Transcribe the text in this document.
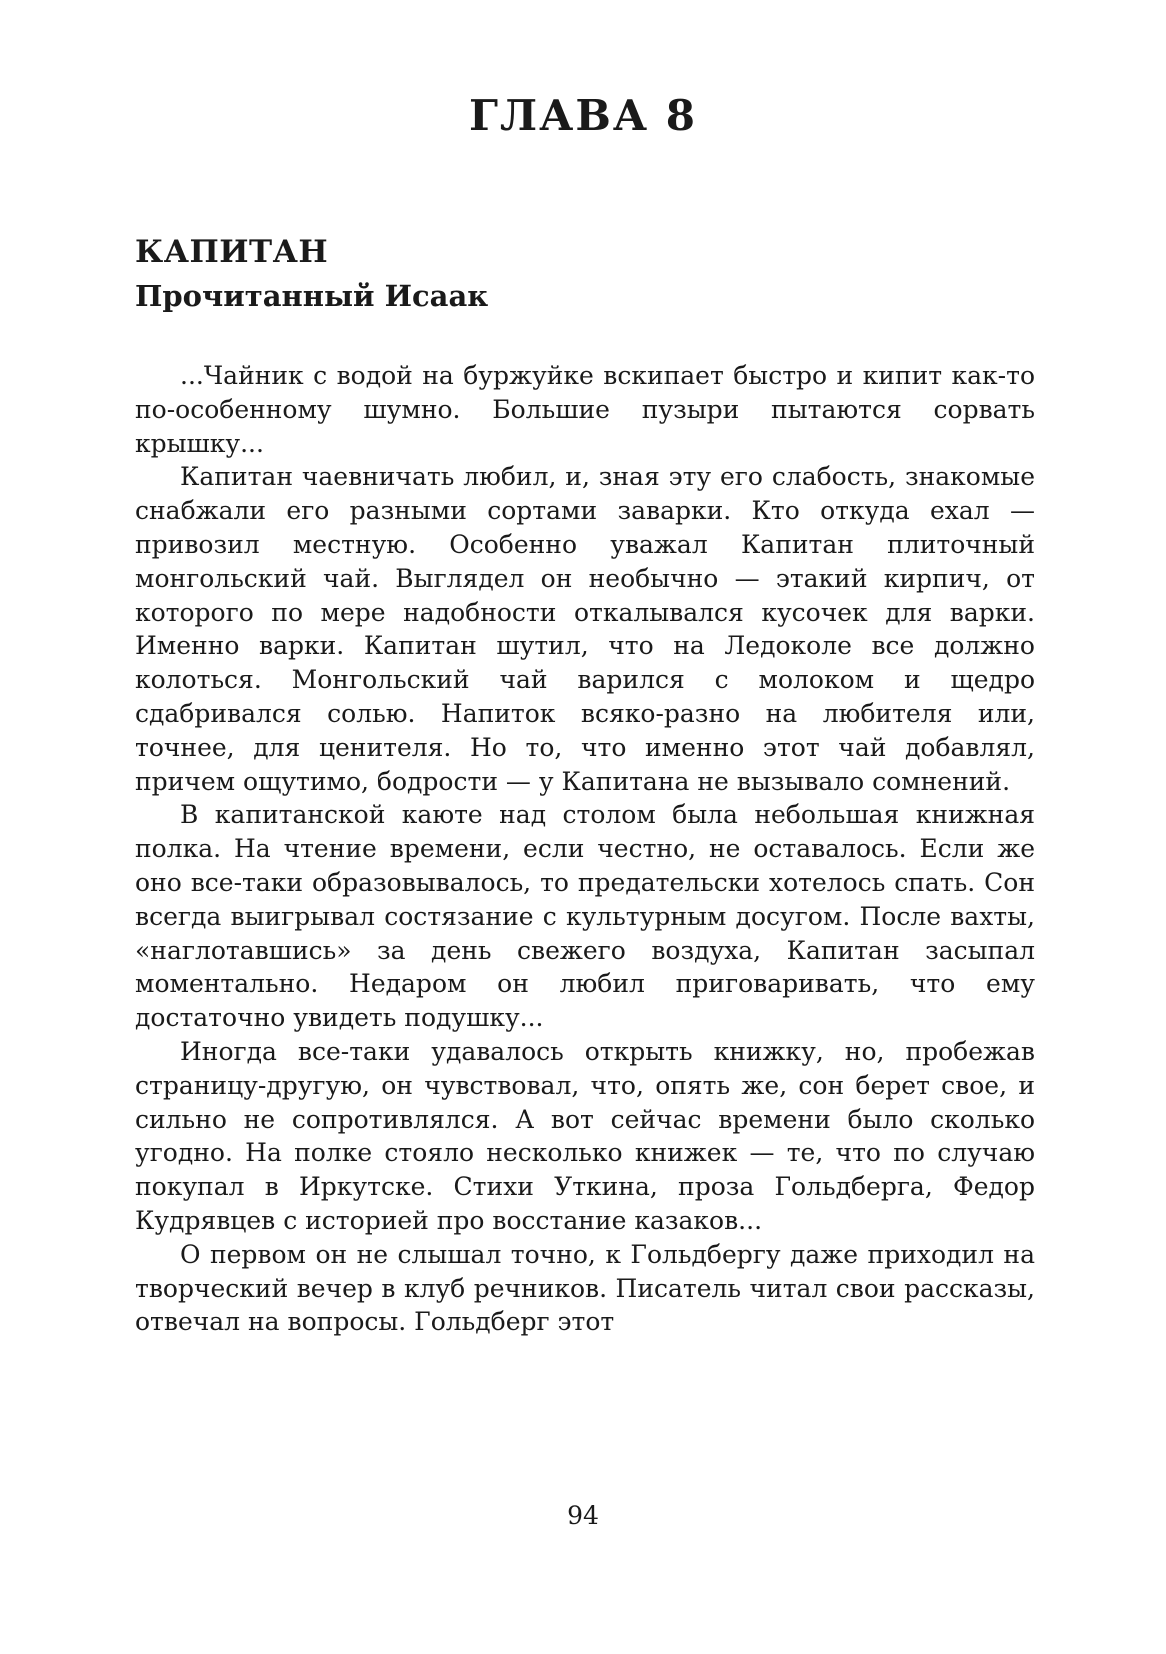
ГЛАВА 8
КАПИТАН
Прочитанный Исаак

...Чайник с водой на буржуйке вскипает быстро и кипит как-то по-особенному шумно. Большие пузыри пытаются сорвать крышку...

Капитан чаевничать любил, и, зная эту его слабость, знакомые снабжали его разными сортами заварки. Кто откуда ехал — привозил местную. Особенно уважал Капитан плиточный монгольский чай. Выглядел он необычно — этакий кирпич, от которого по мере надобности откалывался кусочек для варки. Именно варки. Капитан шутил, что на Ледоколе все должно колоться. Монгольский чай варился с молоком и щедро сдабривался солью. Напиток всяко-разно на любителя или, точнее, для ценителя. Но то, что именно этот чай добавлял, причем ощутимо, бодрости — у Капитана не вызывало сомнений.

В капитанской каюте над столом была небольшая книжная полка. На чтение времени, если честно, не оставалось. Если же оно все-таки образовывалось, то предательски хотелось спать. Сон всегда выигрывал состязание с культурным досугом. После вахты, «наглотавшись» за день свежего воздуха, Капитан засыпал моментально. Недаром он любил приговаривать, что ему достаточно увидеть подушку...

Иногда все-таки удавалось открыть книжку, но, пробежав страницу-другую, он чувствовал, что, опять же, сон берет свое, и сильно не сопротивлялся. А вот сейчас времени было сколько угодно. На полке стояло несколько книжек — те, что по случаю покупал в Иркутске. Стихи Уткина, проза Гольдберга, Федор Кудрявцев с историей про восстание казаков...

О первом он не слышал точно, к Гольдбергу даже приходил на творческий вечер в клуб речников. Писатель читал свои рассказы, отвечал на вопросы. Гольдберг этот

94
